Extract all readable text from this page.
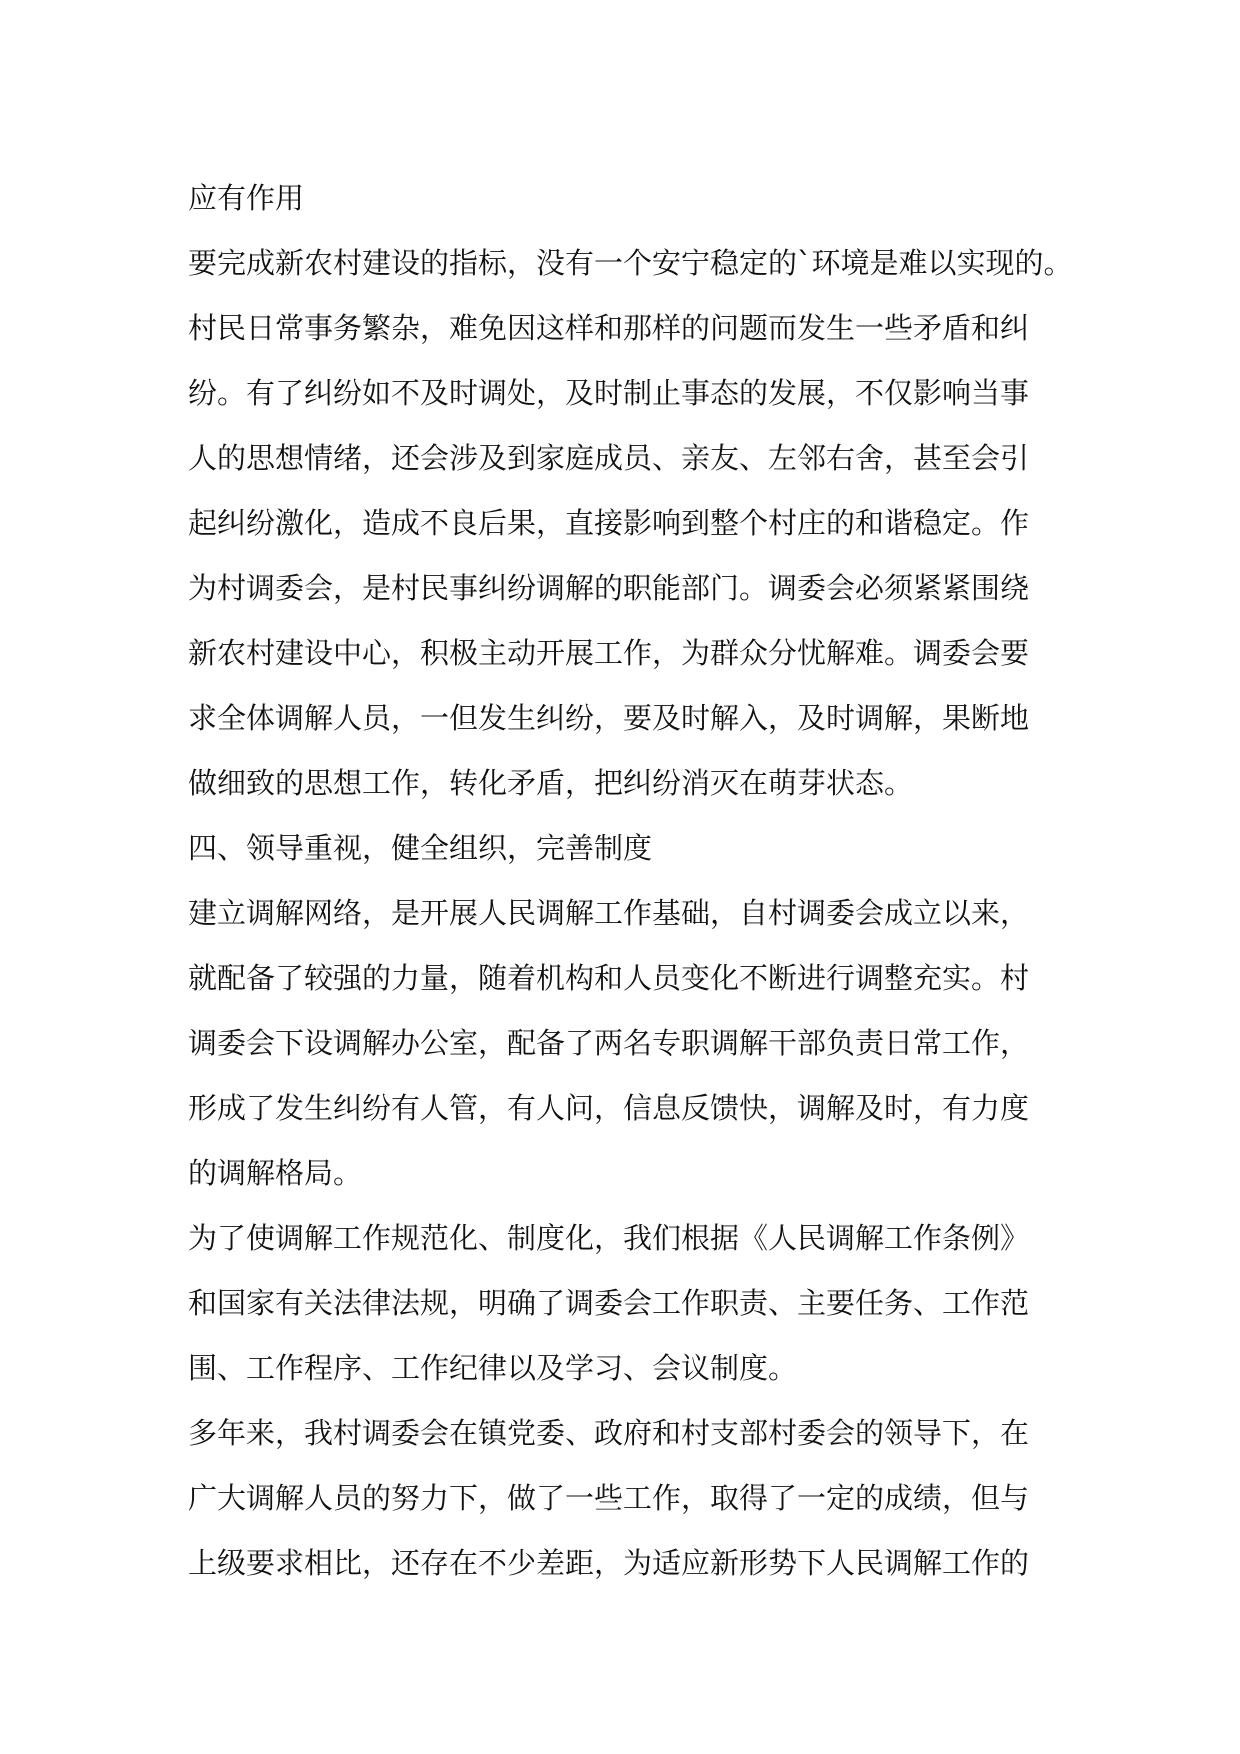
应有作用

要完成新农村建设的指标，没有一个安宁稳定的`环境是难以实现的。
村民日常事务繁杂，难免因这样和那样的问题而发生一些矛盾和纠
纷。有了纠纷如不及时调处，及时制止事态的发展，不仅影响当事
人的思想情绪，还会涉及到家庭成员、亲友、左邻右舍，甚至会引
起纠纷激化，造成不良后果，直接影响到整个村庄的和谐稳定。作
为村调委会，是村民事纠纷调解的职能部门。调委会必须紧紧围绕
新农村建设中心，积极主动开展工作，为群众分忧解难。调委会要
求全体调解人员，一但发生纠纷，要及时解入，及时调解，果断地
做细致的思想工作，转化矛盾，把纠纷消灭在萌芽状态。

四、领导重视，健全组织，完善制度

建立调解网络，是开展人民调解工作基础，自村调委会成立以来，
就配备了较强的力量，随着机构和人员变化不断进行调整充实。村
调委会下设调解办公室，配备了两名专职调解干部负责日常工作，
形成了发生纠纷有人管，有人问，信息反馈快，调解及时，有力度
的调解格局。

为了使调解工作规范化、制度化，我们根据《人民调解工作条例》
和国家有关法律法规，明确了调委会工作职责、主要任务、工作范
围、工作程序、工作纪律以及学习、会议制度。

多年来，我村调委会在镇党委、政府和村支部村委会的领导下，在
广大调解人员的努力下，做了一些工作，取得了一定的成绩，但与
上级要求相比，还存在不少差距，为适应新形势下人民调解工作的
